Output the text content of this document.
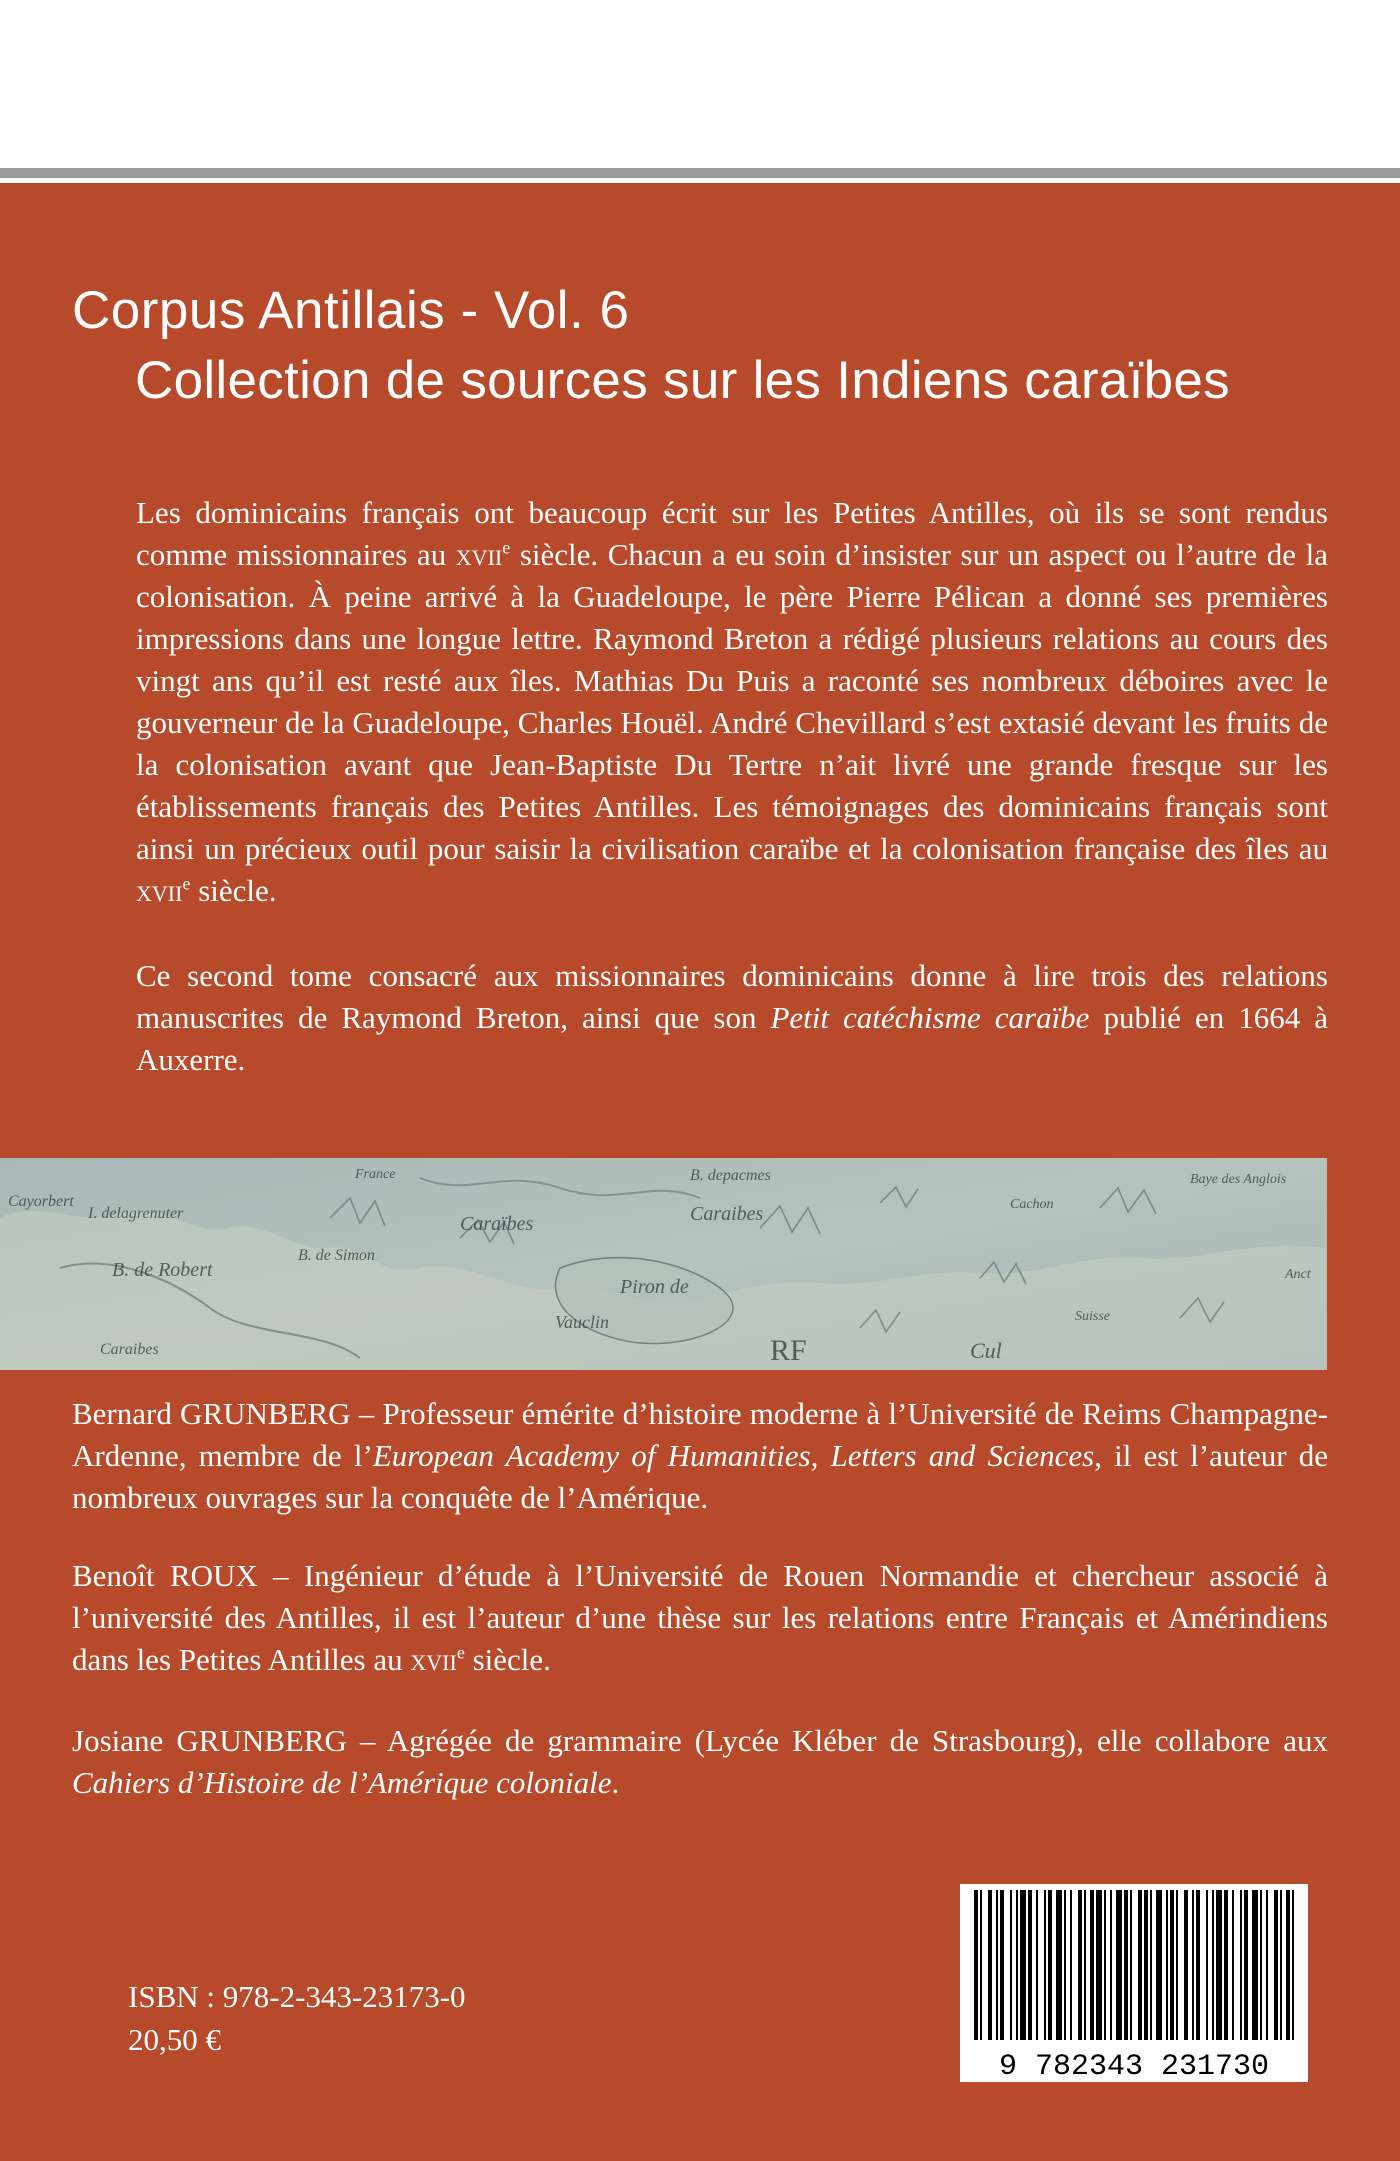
Corpus Antillais - Vol. 6
Collection de sources sur les Indiens caraïbes

Les dominicains français ont beaucoup écrit sur les Petites Antilles, où ils se sont rendus comme missionnaires au xvii$^e$ siècle. Chacun a eu soin d’insister sur un aspect ou l’autre de la colonisation. À peine arrivé à la Guadeloupe, le père Pierre Pélican a donné ses premières impressions dans une longue lettre. Raymond Breton a rédigé plusieurs relations au cours des vingt ans qu’il est resté aux îles. Mathias Du Puis a raconté ses nombreux déboires avec le gouverneur de la Guadeloupe, Charles Houël. André Chevillard s’est extasié devant les fruits de la colonisation avant que Jean-Baptiste Du Tertre n’ait livré une grande fresque sur les établissements français des Petites Antilles. Les témoignages des dominicains français sont ainsi un précieux outil pour saisir la civilisation caraïbe et la colonisation française des îles au xvii$^e$ siècle.

Ce second tome consacré aux missionnaires dominicains donne à lire trois des relations manuscrites de Raymond Breton, ainsi que son Petit catéchisme caraïbe publié en 1664 à Auxerre.

Cayorbert
I. delagrenuter
B. de Robert
Caraibes
B. de Simon
France
Caraïbes
Piron de
Vauclin
B. depacmes
Caraibes	Cachon
Baye des Anglois
Anct
Suisse
RF	Cul

Bernard GRUNBERG – Professeur émérite d’histoire moderne à l’Université de Reims Champagne-Ardenne, membre de l’European Academy of Humanities, Letters and Sciences, il est l’auteur de nombreux ouvrages sur la conquête de l’Amérique.

Benoît ROUX – Ingénieur d’étude à l’Université de Rouen Normandie et chercheur associé à l’université des Antilles, il est l’auteur d’une thèse sur les relations entre Français et Amérindiens dans les Petites Antilles au xvii$^e$ siècle.

Josiane GRUNBERG – Agrégée de grammaire (Lycée Kléber de Strasbourg), elle collabore aux Cahiers d’Histoire de l’Amérique coloniale.

ISBN : 978-2-343-23173-0
20,50 €
9 782343 231730
